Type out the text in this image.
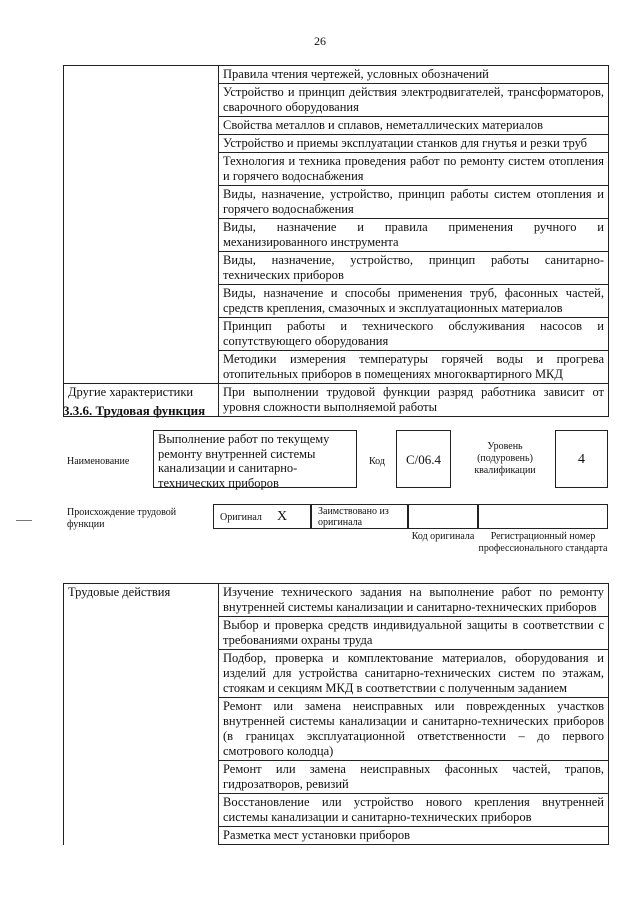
26
	Правила чтения чертежей, условных обозначений
	Устройство и принцип действия электродвигателей, трансформаторов, сварочного оборудования
	Свойства металлов и сплавов, неметаллических материалов
	Устройство и приемы эксплуатации станков для гнутья и резки труб
	Технология и техника проведения работ по ремонту систем отопления и горячего водоснабжения
	Виды, назначение, устройство, принцип работы систем отопления и горячего водоснабжения
	Виды, назначение и правила применения ручного и механизированного инструмента
	Виды, назначение, устройство, принцип работы санитарно-технических приборов
	Виды, назначение и способы применения труб, фасонных частей, средств крепления, смазочных и эксплуатационных материалов
	Принцип работы и технического обслуживания насосов и сопутствующего оборудования
	Методики измерения температуры горячей воды и прогрева отопительных приборов в помещениях многоквартирного МКД
Другие характеристики	При выполнении трудовой функции разряд работника зависит от уровня сложности выполняемой работы
3.3.6. Трудовая функция
Наименование
Выполнение работ по текущему ремонту внутренней системы канализации и санитарно-технических приборов
Код	C/06.4
Уровень (подуровень) квалификации
4
Происхождение трудовой функции
Оригинал X	Заимствовано из оригинала
Код оригинала	Регистрационный номер профессионального стандарта
Трудовые действия	Изучение технического задания на выполнение работ по ремонту внутренней системы канализации и санитарно-технических приборов
Выбор и проверка средств индивидуальной защиты в соответствии с требованиями охраны труда
Подбор, проверка и комплектование материалов, оборудования и изделий для устройства санитарно-технических систем по этажам, стоякам и секциям МКД в соответствии с полученным заданием
Ремонт или замена неисправных или поврежденных участков внутренней системы канализации и санитарно-технических приборов (в границах эксплуатационной ответственности – до первого смотрового колодца)
Ремонт или замена неисправных фасонных частей, трапов, гидрозатворов, ревизий
Восстановление или устройство нового крепления внутренней системы канализации и санитарно-технических приборов
Разметка мест установки приборов
